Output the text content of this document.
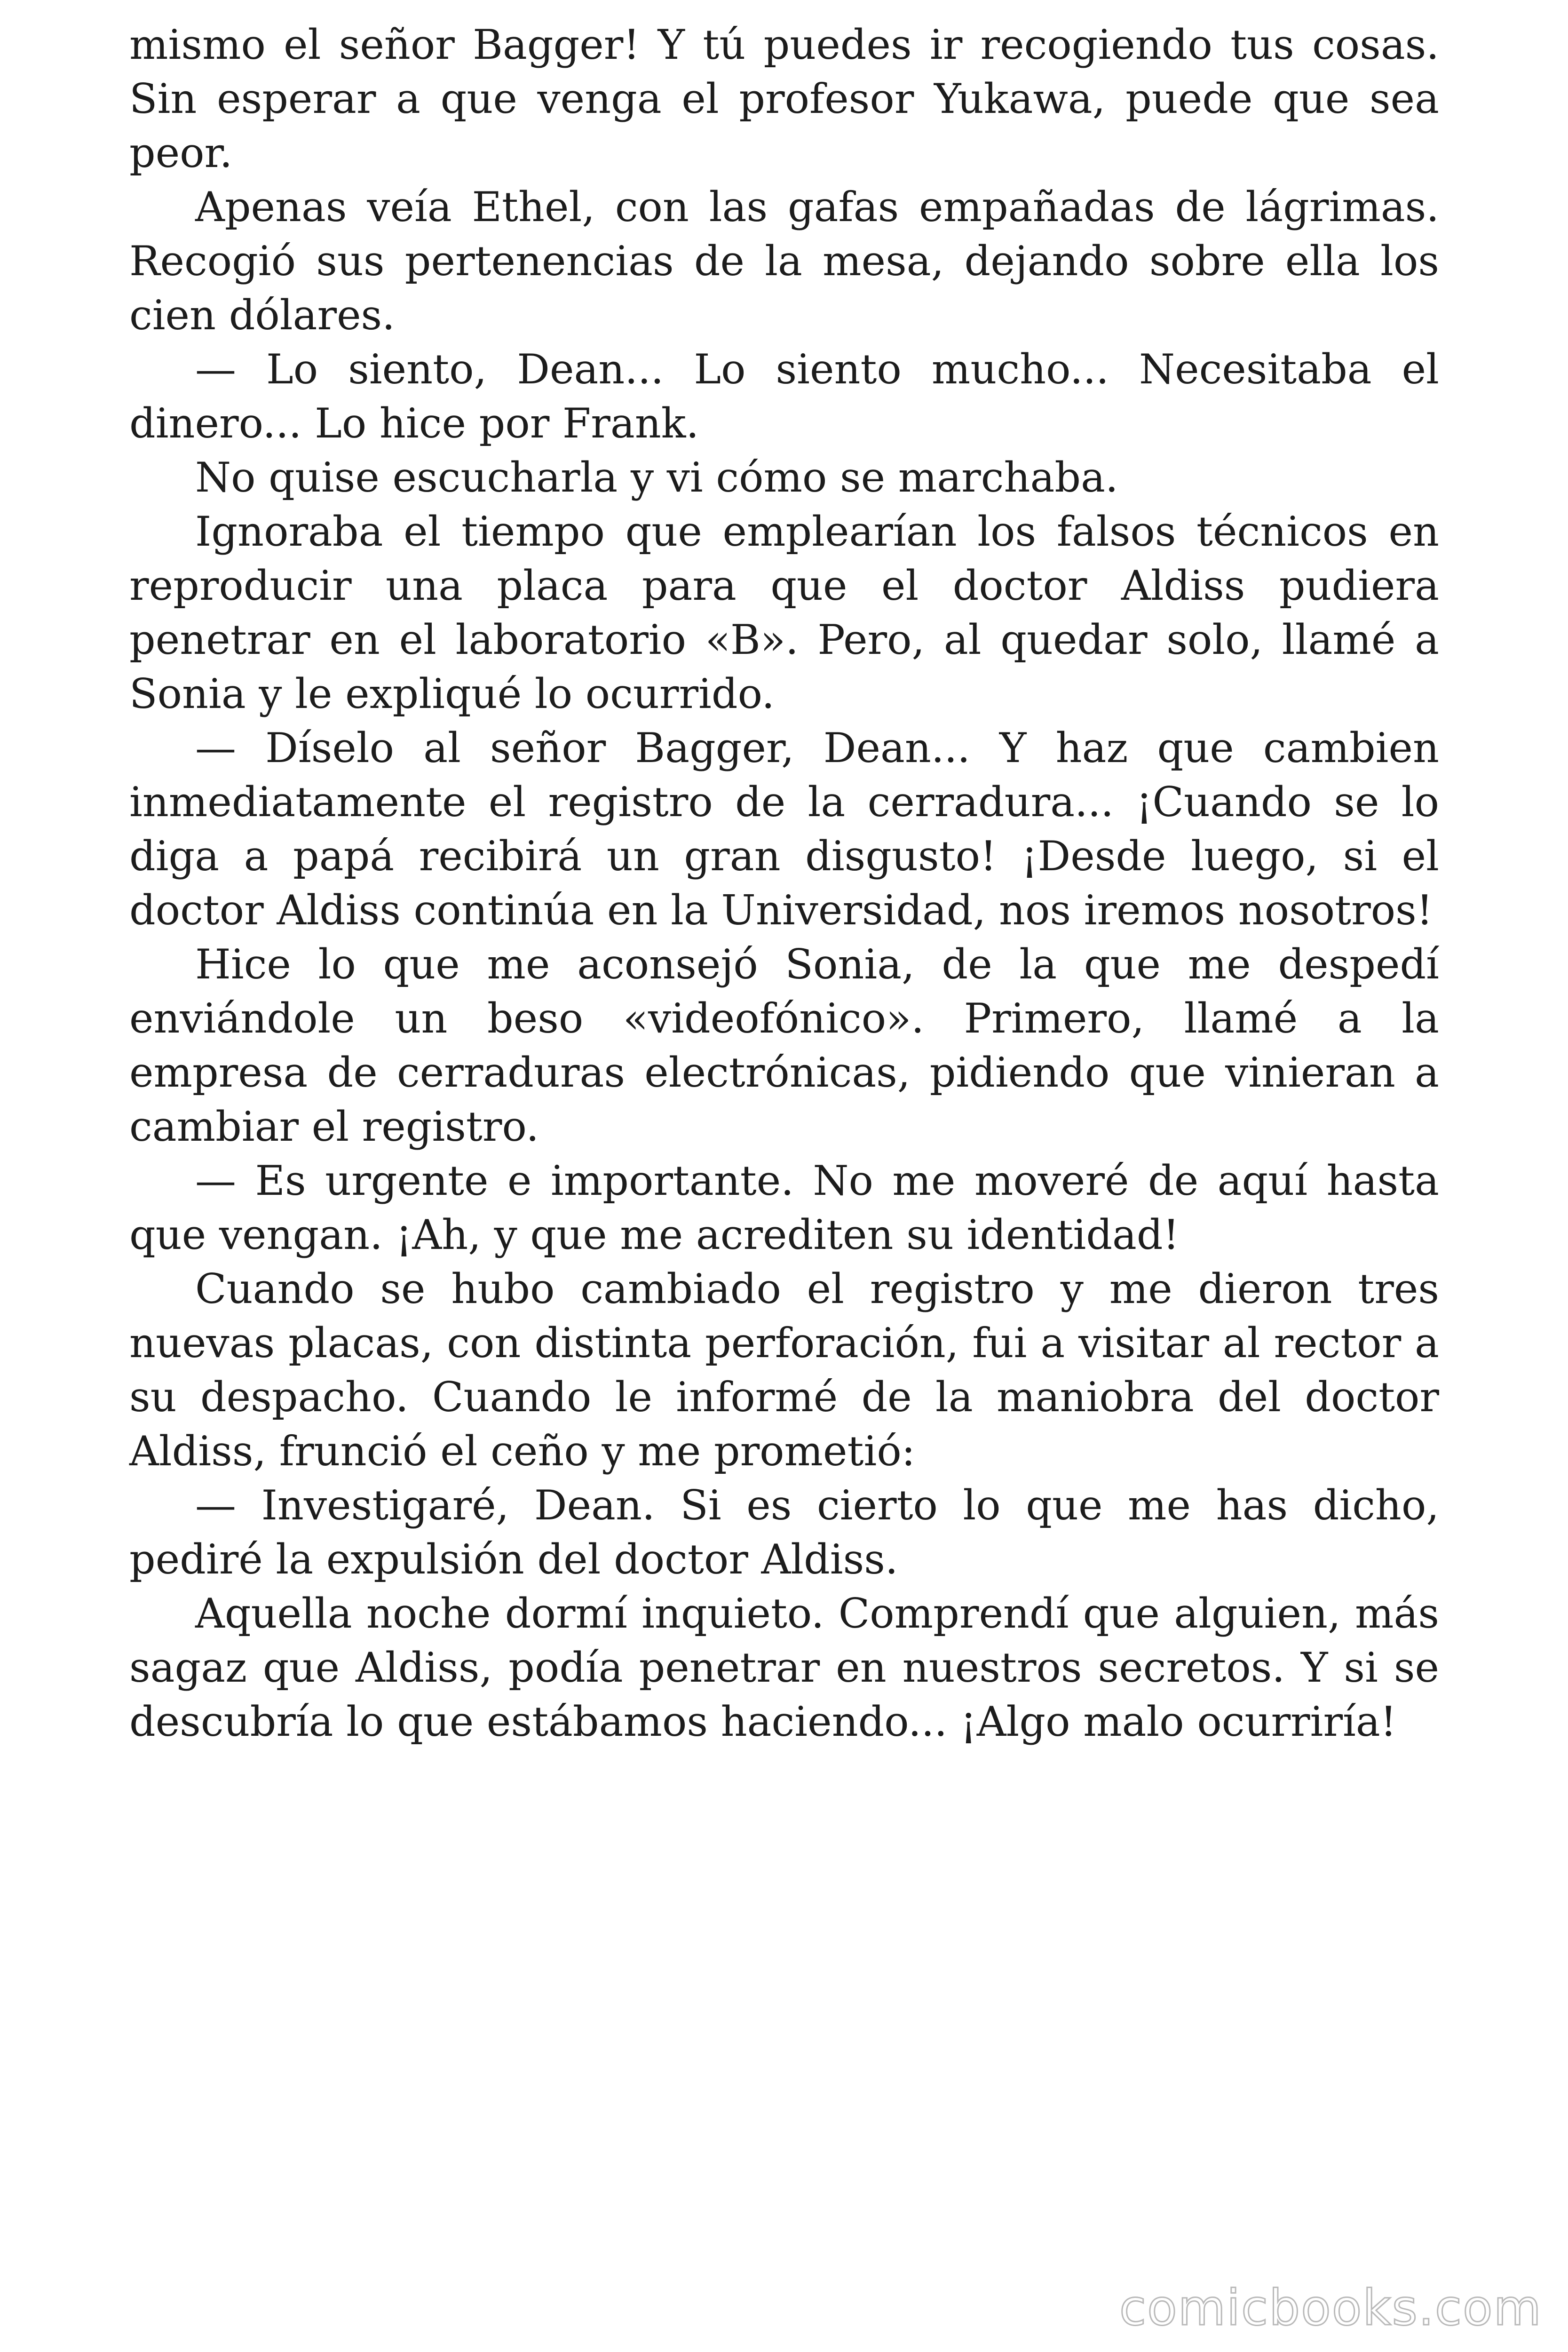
mismo el señor Bagger! Y tú puedes ir recogiendo tus cosas. Sin esperar a que venga el profesor Yukawa, puede que sea peor.

Apenas veía Ethel, con las gafas empañadas de lágrimas. Recogió sus pertenencias de la mesa, dejando sobre ella los cien dólares.

— Lo siento, Dean... Lo siento mucho... Necesitaba el dinero... Lo hice por Frank.

No quise escucharla y vi cómo se marchaba.

Ignoraba el tiempo que emplearían los falsos técnicos en reproducir una placa para que el doctor Aldiss pudiera penetrar en el laboratorio «B». Pero, al quedar solo, llamé a Sonia y le expliqué lo ocurrido.

— Díselo al señor Bagger, Dean... Y haz que cambien inmediatamente el registro de la cerradura... ¡Cuando se lo diga a papá recibirá un gran disgusto! ¡Desde luego, si el doctor Aldiss continúa en la Universidad, nos iremos nosotros!

Hice lo que me aconsejó Sonia, de la que me despedí enviándole un beso «videofónico». Primero, llamé a la empresa de cerraduras electrónicas, pidiendo que vinieran a cambiar el registro.

— Es urgente e importante. No me moveré de aquí hasta que vengan. ¡Ah, y que me acrediten su identidad!

Cuando se hubo cambiado el registro y me dieron tres nuevas placas, con distinta perforación, fui a visitar al rector a su despacho. Cuando le informé de la maniobra del doctor Aldiss, frunció el ceño y me prometió:

— Investigaré, Dean. Si es cierto lo que me has dicho, pediré la expulsión del doctor Aldiss.

Aquella noche dormí inquieto. Comprendí que alguien, más sagaz que Aldiss, podía penetrar en nuestros secretos. Y si se descubría lo que estábamos haciendo... ¡Algo malo ocurriría!

comicbooks.com
